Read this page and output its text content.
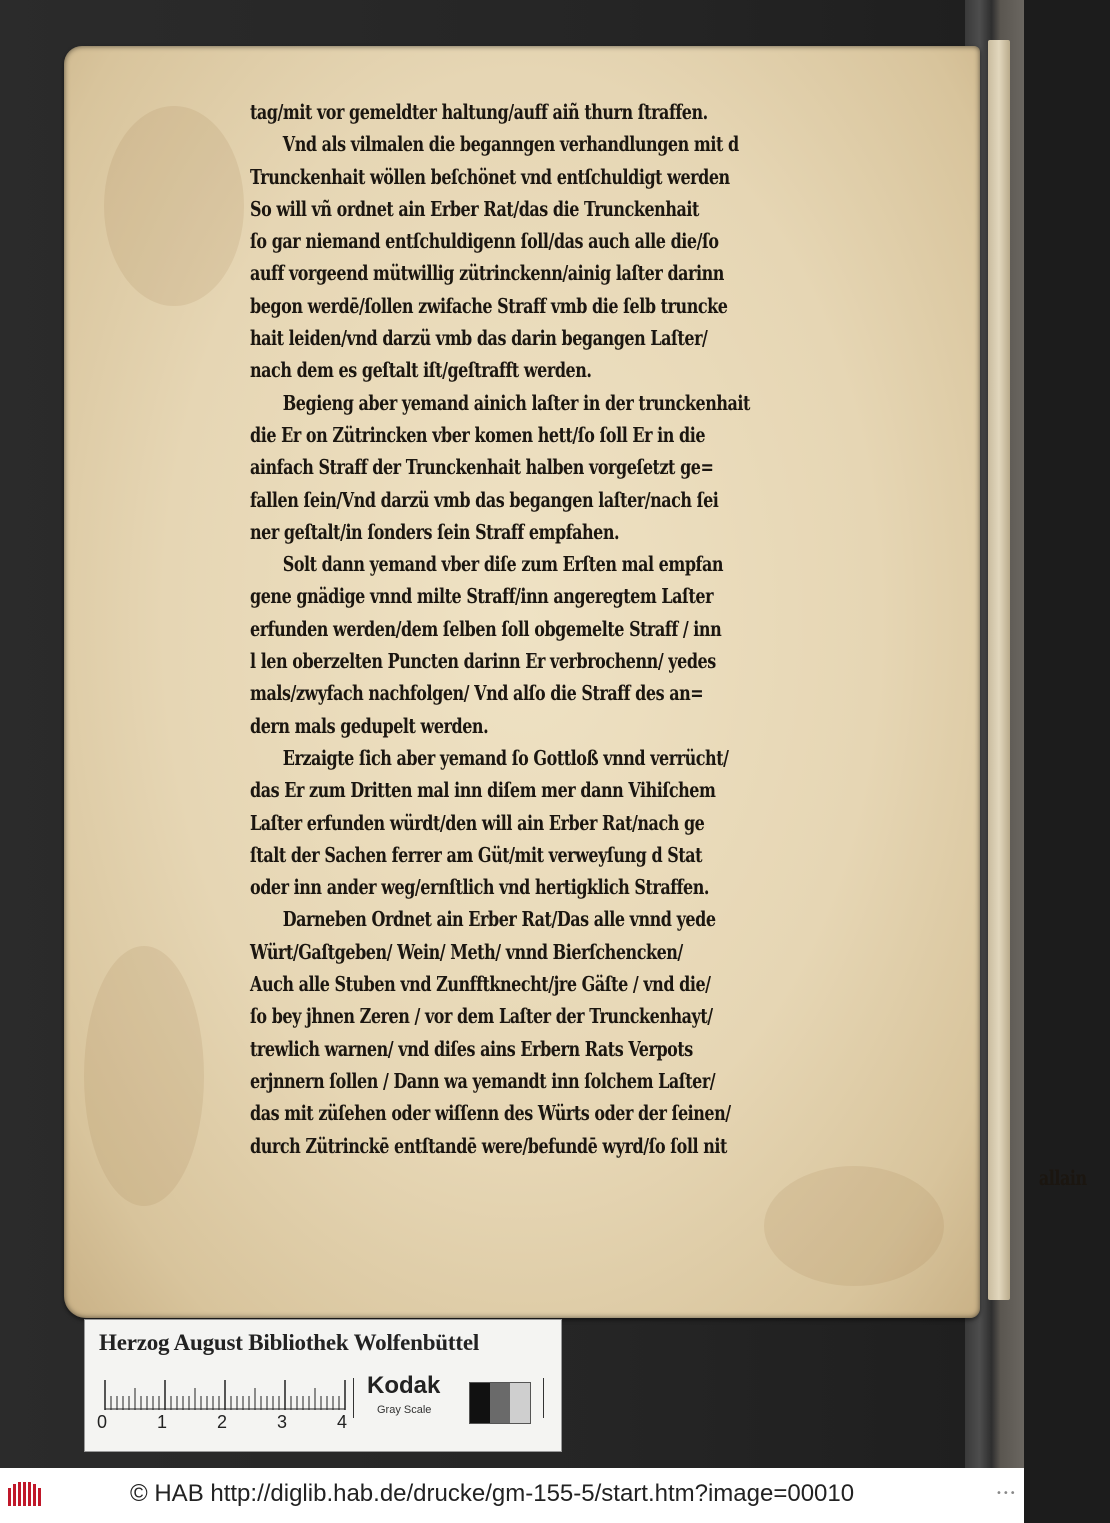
tag/mit vor gemeldter haltung/auff aiñ thurn ſtraffen.
Vnd als vilmalen die beganngen verhandlungen mit d
Trunckenhait wöllen beſchönet vnd entſchuldigt werden
So will vñ ordnet ain Erber Rat/das die Trunckenhait
ſo gar niemand entſchuldigenn ſoll/das auch alle die/ſo
auff vorgeend mütwillig zütrinckenn/ainig laſter darinn
begon werdē/ſollen zwifache Straff vmb die ſelb truncke
hait leiden/vnd darzü vmb das darin begangen Laſter/
nach dem es geſtalt iſt/geſtrafft werden.
Begieng aber yemand ainich laſter in der trunckenhait
die Er on Zütrincken vber komen hett/ſo ſoll Er in die
ainfach Straff der Trunckenhait halben vorgeſetzt ge=
fallen ſein/Vnd darzü vmb das begangen laſter/nach ſei
ner geſtalt/in ſonders ſein Straff empfahen.
Solt dann yemand vber diſe zum Erſten mal empfan
gene gnädige vnnd milte Straff/inn angeregtem Laſter
erfunden werden/dem ſelben ſoll obgemelte Straff / inn
l len oberzelten Puncten darinn Er verbrochenn/ yedes
mals/zwyfach nachfolgen/ Vnd alſo die Straff des an=
dern mals gedupelt werden.
Erzaigte ſich aber yemand ſo Gottloß vnnd verrücht/
das Er zum Dritten mal inn diſem mer dann Vihiſchem
Laſter erfunden würdt/den will ain Erber Rat/nach ge
ſtalt der Sachen ferrer am Güt/mit verweyſung d Stat
oder inn ander weg/ernſtlich vnd hertigklich Straffen.
Darneben Ordnet ain Erber Rat/Das alle vnnd yede
Würt/Gaſtgeben/ Wein/ Meth/ vnnd Bierſchencken/
Auch alle Stuben vnd Zunfftknecht/jre Gäſte / vnd die/
ſo bey jhnen Zeren / vor dem Laſter der Trunckenhayt/
trewlich warnen/ vnd diſes ains Erbern Rats Verpots
erjnnern ſollen / Dann wa yemandt inn ſolchem Laſter/
das mit züſehen oder wiſſenn des Würts oder der ſeinen/
durch Zütrinckē entſtandē were/befundē wyrd/ſo ſoll nit
allain
Herzog August Bibliothek Wolfenbüttel
0	1	2	3	4
Kodak
Gray Scale
© HAB http://diglib.hab.de/drucke/gm-155-5/start.htm?image=00010	•••
